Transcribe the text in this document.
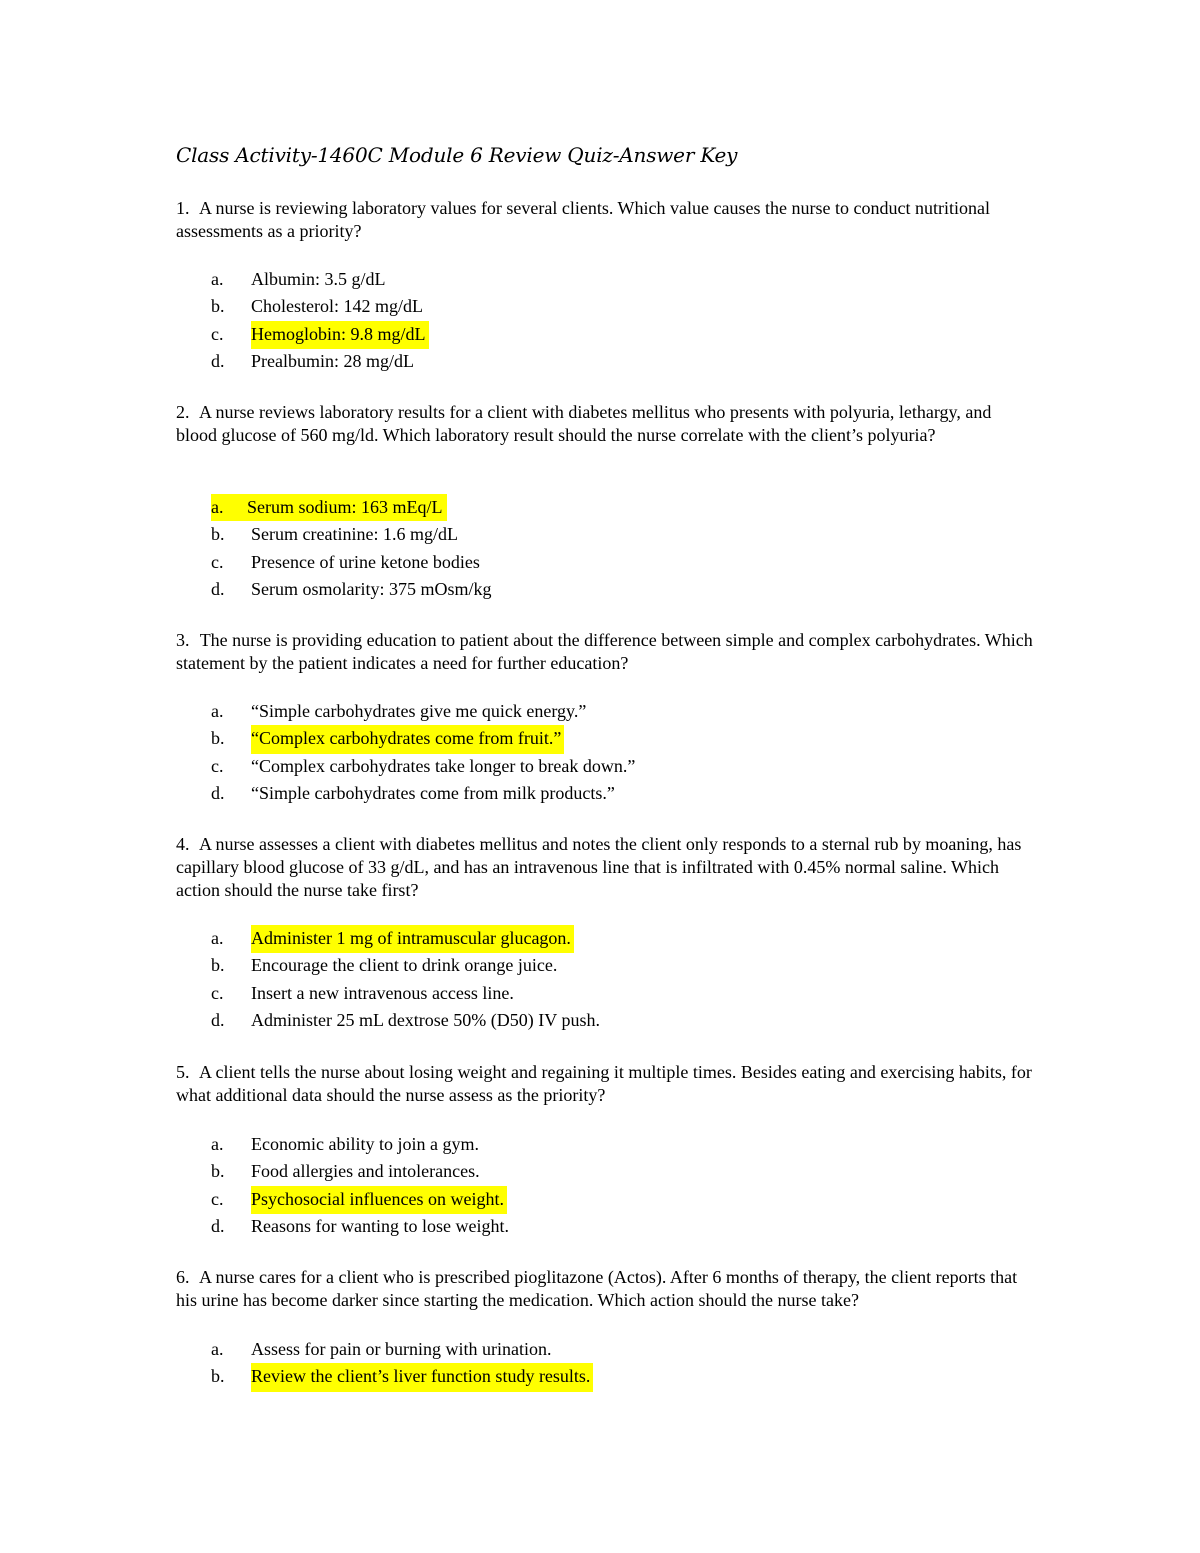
Class Activity-1460C Module 6 Review Quiz-Answer Key
1. A nurse is reviewing laboratory values for several clients. Which value causes the nurse to conduct nutritional assessments as a priority?
a. Albumin: 3.5 g/dL
b. Cholesterol: 142 mg/dL
c. Hemoglobin: 9.8 mg/dL
d. Prealbumin: 28 mg/dL
2. A nurse reviews laboratory results for a client with diabetes mellitus who presents with polyuria, lethargy, and blood glucose of 560 mg/ld. Which laboratory result should the nurse correlate with the client’s polyuria?
a. Serum sodium: 163 mEq/L
b. Serum creatinine: 1.6 mg/dL
c. Presence of urine ketone bodies
d. Serum osmolarity: 375 mOsm/kg
3. The nurse is providing education to patient about the difference between simple and complex carbohydrates. Which statement by the patient indicates a need for further education?
a. “Simple carbohydrates give me quick energy.”
b. “Complex carbohydrates come from fruit.”
c. “Complex carbohydrates take longer to break down.”
d. “Simple carbohydrates come from milk products.”
4. A nurse assesses a client with diabetes mellitus and notes the client only responds to a sternal rub by moaning, has capillary blood glucose of 33 g/dL, and has an intravenous line that is infiltrated with 0.45% normal saline. Which action should the nurse take first?
a. Administer 1 mg of intramuscular glucagon.
b. Encourage the client to drink orange juice.
c. Insert a new intravenous access line.
d. Administer 25 mL dextrose 50% (D50) IV push.
5. A client tells the nurse about losing weight and regaining it multiple times. Besides eating and exercising habits, for what additional data should the nurse assess as the priority?
a. Economic ability to join a gym.
b. Food allergies and intolerances.
c. Psychosocial influences on weight.
d. Reasons for wanting to lose weight.
6. A nurse cares for a client who is prescribed pioglitazone (Actos). After 6 months of therapy, the client reports that his urine has become darker since starting the medication. Which action should the nurse take?
a. Assess for pain or burning with urination.
b. Review the client’s liver function study results.
